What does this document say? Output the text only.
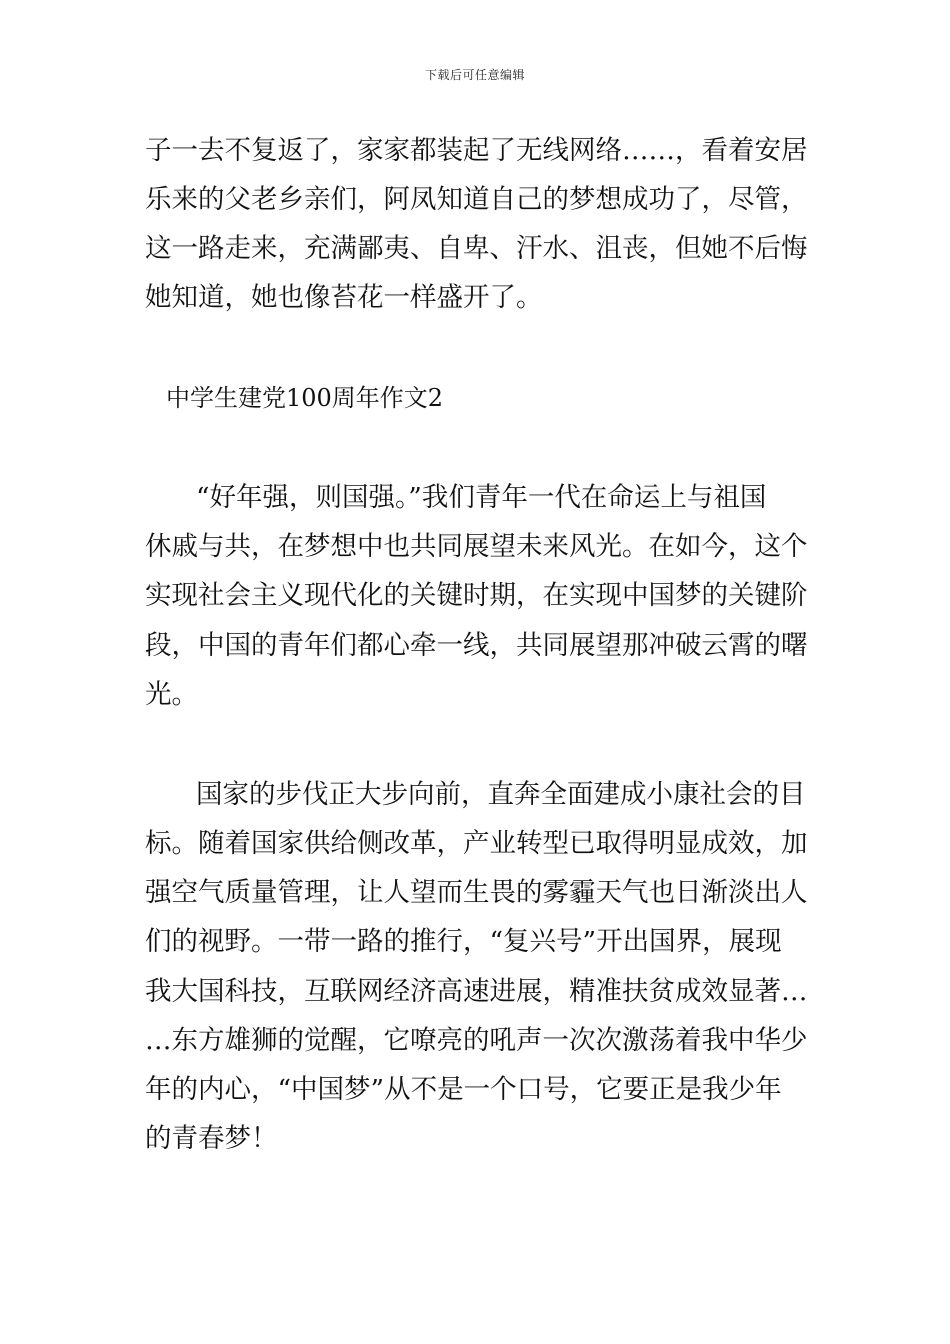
下载后可任意编辑
子一去不复返了，家家都装起了无线网络……，看着安居
乐来的父老乡亲们，阿凤知道自己的梦想成功了，尽管，
这一路走来，充满鄙夷、自卑、汗水、沮丧，但她不后悔
她知道，她也像苔花一样盛开了。
中学生建党100周年作文2
“好年强，则国强。”我们青年一代在命运上与祖国
休戚与共，在梦想中也共同展望未来风光。在如今，这个
实现社会主义现代化的关键时期，在实现中国梦的关键阶
段，中国的青年们都心牵一线，共同展望那冲破云霄的曙
光。
国家的步伐正大步向前，直奔全面建成小康社会的目
标。随着国家供给侧改革，产业转型已取得明显成效，加
强空气质量管理，让人望而生畏的雾霾天气也日渐淡出人
们的视野。一带一路的推行，“复兴号”开出国界，展现
我大国科技，互联网经济高速进展，精准扶贫成效显著…
…东方雄狮的觉醒，它嘹亮的吼声一次次激荡着我中华少
年的内心，“中国梦”从不是一个口号，它要正是我少年
的青春梦！
